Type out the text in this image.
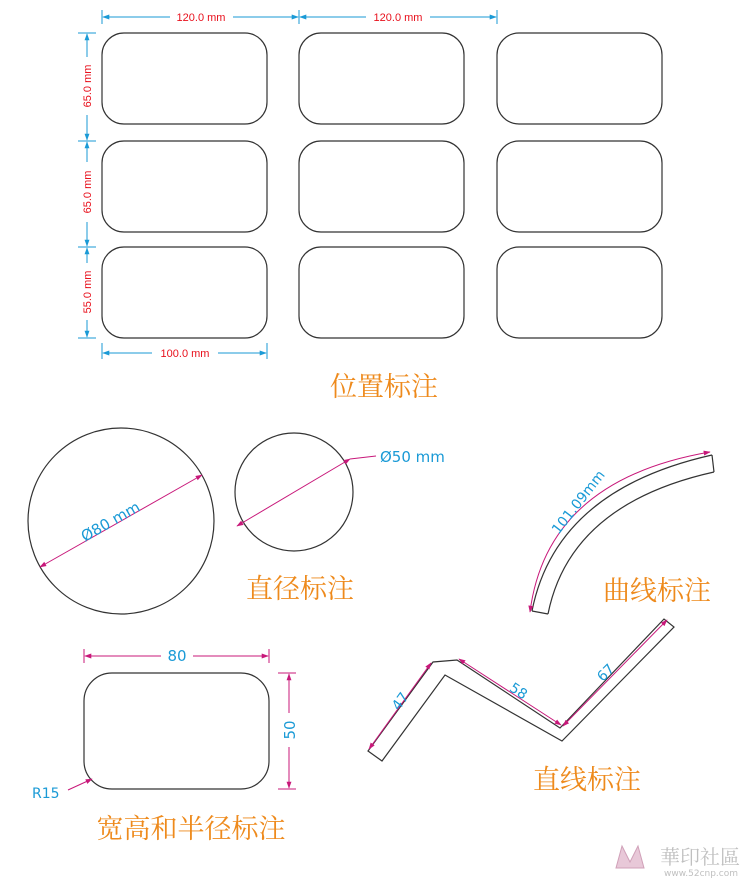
120.0 mm	120.0 mm
65.0 mm
65.0 mm
55.0 mm
100.0 mm
位置标注
Ø80 mm
Ø50 mm
直径标注
101.09mm
曲线标注
80
50
R15
宽高和半径标注
47	58
67
直线标注
華印社區
www.52cnp.com
